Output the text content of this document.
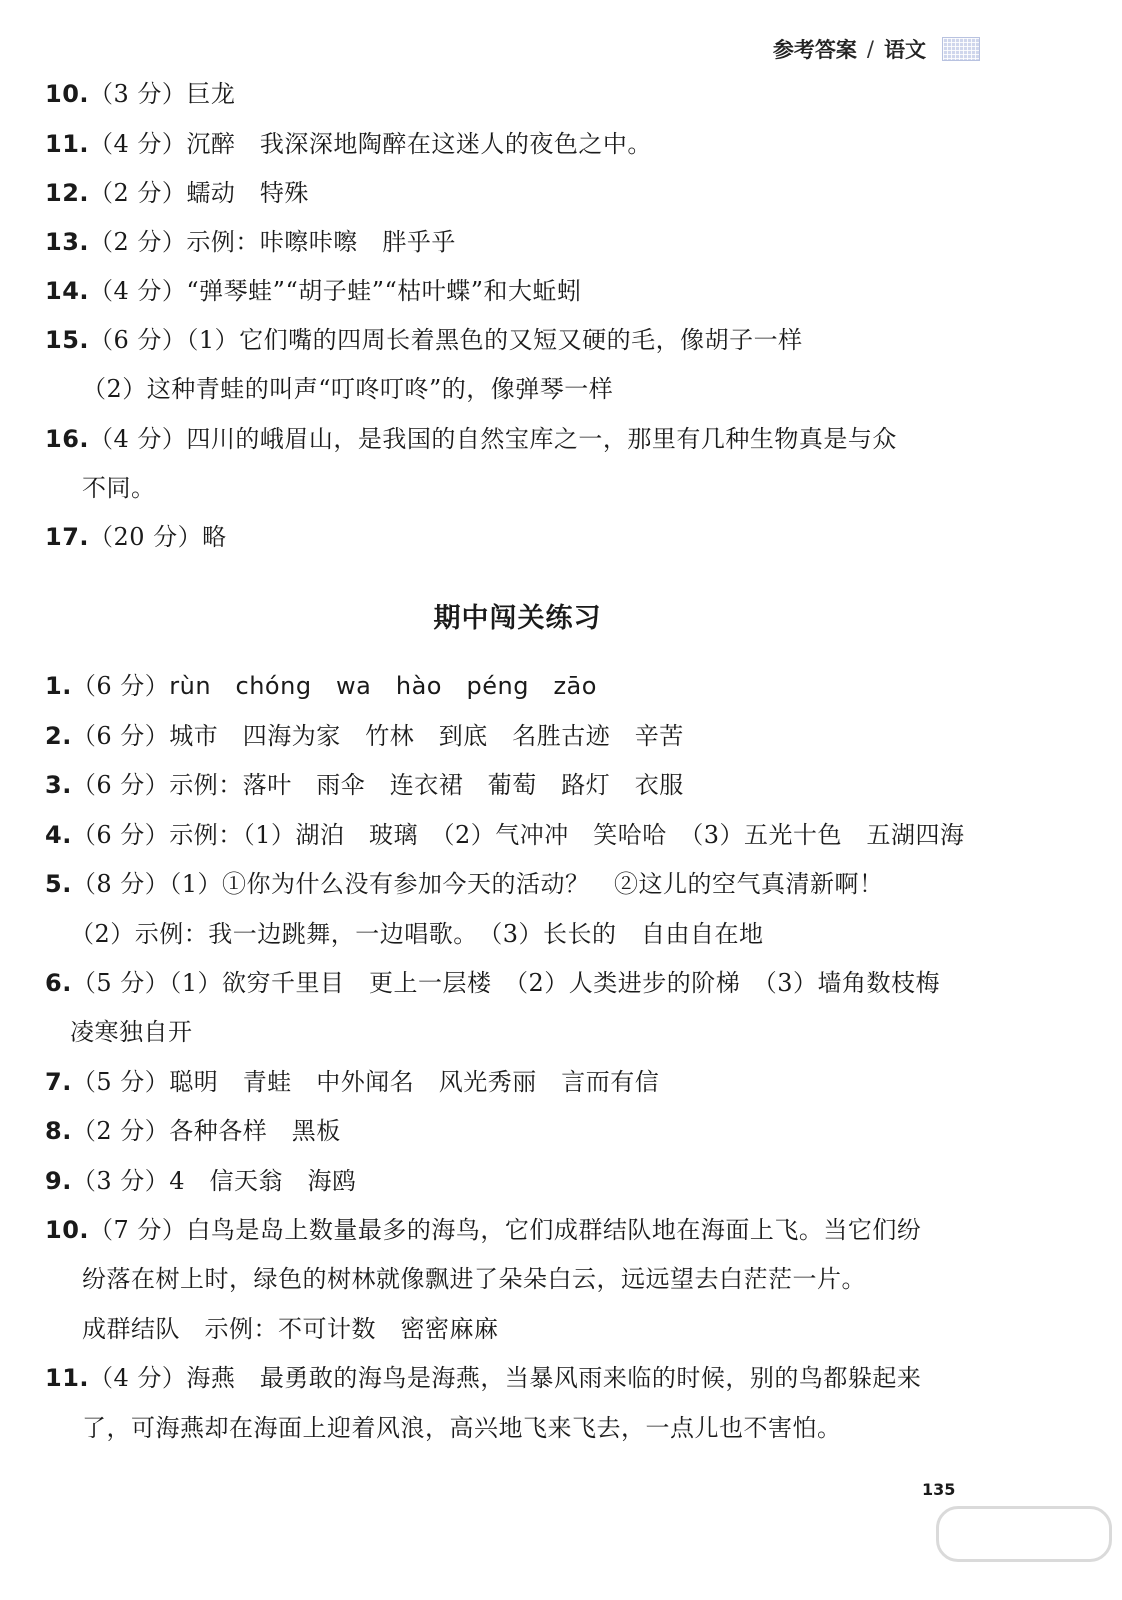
参考答案 / 语文
10.（3 分）巨龙
11.（4 分）沉醉　我深深地陶醉在这迷人的夜色之中。
12.（2 分）蠕动　特殊
13.（2 分）示例：咔嚓咔嚓　胖乎乎
14.（4 分）“弹琴蛙”“胡子蛙”“枯叶蝶”和大蚯蚓
15.（6 分）（1）它们嘴的四周长着黑色的又短又硬的毛，像胡子一样
（2）这种青蛙的叫声“叮咚叮咚”的，像弹琴一样
16.（4 分）四川的峨眉山，是我国的自然宝库之一，那里有几种生物真是与众
不同。
17.（20 分）略
期中闯关练习
1.（6 分）rùn　chóng　wa　hào　péng　zāo
2.（6 分）城市　四海为家　竹林　到底　名胜古迹　辛苦
3.（6 分）示例：落叶　雨伞　连衣裙　葡萄　路灯　衣服
4.（6 分）示例：（1）湖泊　玻璃　（2）气冲冲　笑哈哈　（3）五光十色　五湖四海
5.（8 分）（1）①你为什么没有参加今天的活动？　②这儿的空气真清新啊！
（2）示例：我一边跳舞，一边唱歌。　（3）长长的　自由自在地
6.（5 分）（1）欲穷千里目　更上一层楼　（2）人类进步的阶梯　（3）墙角数枝梅
凌寒独自开
7.（5 分）聪明　青蛙　中外闻名　风光秀丽　言而有信
8.（2 分）各种各样　黑板
9.（3 分）4　信天翁　海鸥
10.（7 分）白鸟是岛上数量最多的海鸟，它们成群结队地在海面上飞。当它们纷
纷落在树上时，绿色的树林就像飘进了朵朵白云，远远望去白茫茫一片。
成群结队　示例：不可计数　密密麻麻
11.（4 分）海燕　最勇敢的海鸟是海燕，当暴风雨来临的时候，别的鸟都躲起来
了，可海燕却在海面上迎着风浪，高兴地飞来飞去，一点儿也不害怕。
135
